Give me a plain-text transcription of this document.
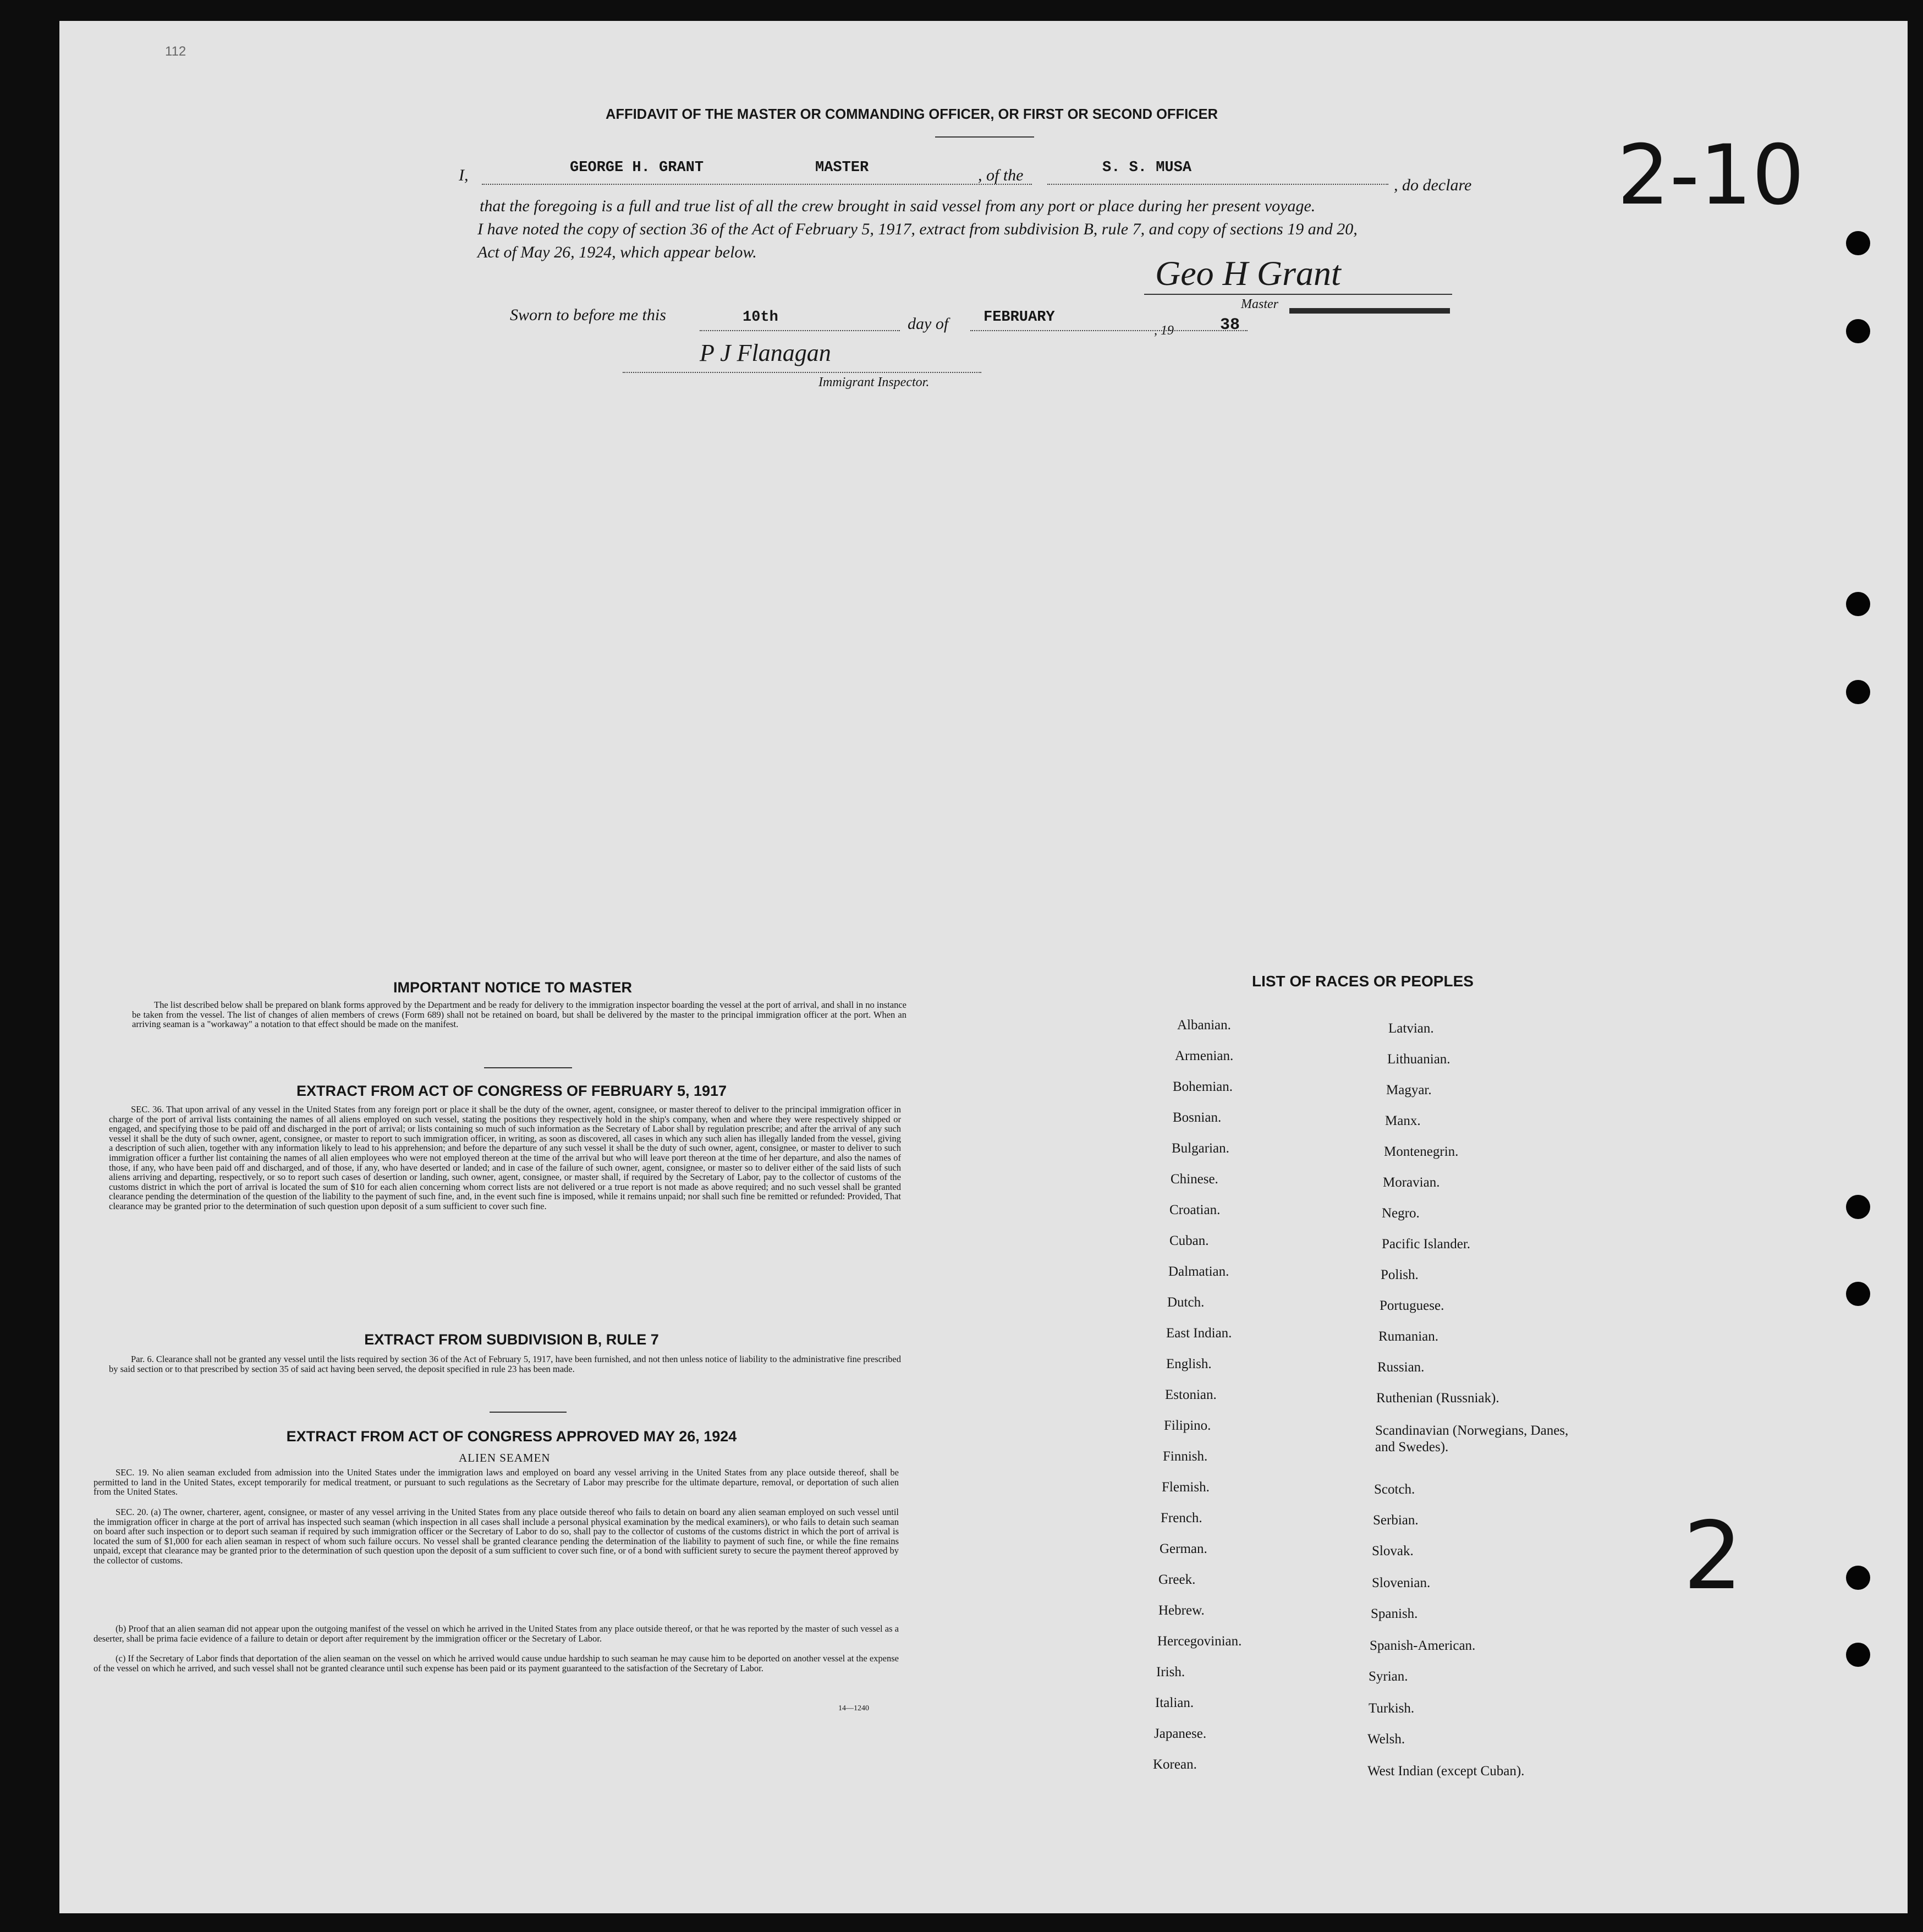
112
2-10
2
AFFIDAVIT OF THE MASTER OR COMMANDING OFFICER, OR FIRST OR SECOND OFFICER
I,	GEORGE H. GRANT	MASTER	, of the	S. S. MUSA
, do declare
that the foregoing is a full and true list of all the crew brought in said vessel from any port or place during her present voyage.
I have noted the copy of section 36 of the Act of February 5, 1917, extract from subdivision B, rule 7, and copy of sections 19 and 20,
Act of May 26, 1924, which appear below.
Geo H Grant
Master
Sworn to before me this	10th	day of FEBRUARY
, 19	38
P J Flanagan
Immigrant Inspector.
IMPORTANT NOTICE TO MASTER
The list described below shall be prepared on blank forms approved by the Department and be ready for delivery to the immigration inspector boarding the vessel at the port of arrival, and shall in no instance be taken from the vessel. The list of changes of alien members of crews (Form 689) shall not be retained on board, but shall be delivered by the master to the principal immigration officer at the port. When an arriving seaman is a "workaway" a notation to that effect should be made on the manifest.
EXTRACT FROM ACT OF CONGRESS OF FEBRUARY 5, 1917
SEC. 36. That upon arrival of any vessel in the United States from any foreign port or place it shall be the duty of the owner, agent, consignee, or master thereof to deliver to the principal immigration officer in charge of the port of arrival lists containing the names of all aliens employed on such vessel, stating the positions they respectively hold in the ship's company, when and where they were respectively shipped or engaged, and specifying those to be paid off and discharged in the port of arrival; or lists containing so much of such information as the Secretary of Labor shall by regulation prescribe; and after the arrival of any such vessel it shall be the duty of such owner, agent, consignee, or master to report to such immigration officer, in writing, as soon as discovered, all cases in which any such alien has illegally landed from the vessel, giving a description of such alien, together with any information likely to lead to his apprehension; and before the departure of any such vessel it shall be the duty of such owner, agent, consignee, or master to deliver to such immigration officer a further list containing the names of all alien employees who were not employed thereon at the time of the arrival but who will leave port thereon at the time of her departure, and also the names of those, if any, who have been paid off and discharged, and of those, if any, who have deserted or landed; and in case of the failure of such owner, agent, consignee, or master so to deliver either of the said lists of such aliens arriving and departing, respectively, or so to report such cases of desertion or landing, such owner, agent, consignee, or master shall, if required by the Secretary of Labor, pay to the collector of customs of the customs district in which the port of arrival is located the sum of $10 for each alien concerning whom correct lists are not delivered or a true report is not made as above required; and no such vessel shall be granted clearance pending the determination of the question of the liability to the payment of such fine, and, in the event such fine is imposed, while it remains unpaid; nor shall such fine be remitted or refunded: Provided, That clearance may be granted prior to the determination of such question upon deposit of a sum sufficient to cover such fine.
EXTRACT FROM SUBDIVISION B, RULE 7
Par. 6. Clearance shall not be granted any vessel until the lists required by section 36 of the Act of February 5, 1917, have been furnished, and not then unless notice of liability to the administrative fine prescribed by said section or to that prescribed by section 35 of said act having been served, the deposit specified in rule 23 has been made.
EXTRACT FROM ACT OF CONGRESS APPROVED MAY 26, 1924
ALIEN SEAMEN
SEC. 19. No alien seaman excluded from admission into the United States under the immigration laws and employed on board any vessel arriving in the United States from any place outside thereof, shall be permitted to land in the United States, except temporarily for medical treatment, or pursuant to such regulations as the Secretary of Labor may prescribe for the ultimate departure, removal, or deportation of such alien from the United States.
SEC. 20. (a) The owner, charterer, agent, consignee, or master of any vessel arriving in the United States from any place outside thereof who fails to detain on board any alien seaman employed on such vessel until the immigration officer in charge at the port of arrival has inspected such seaman (which inspection in all cases shall include a personal physical examination by the medical examiners), or who fails to detain such seaman on board after such inspection or to deport such seaman if required by such immigration officer or the Secretary of Labor to do so, shall pay to the collector of customs of the customs district in which the port of arrival is located the sum of $1,000 for each alien seaman in respect of whom such failure occurs. No vessel shall be granted clearance pending the determination of the liability to payment of such fine, or while the fine remains unpaid, except that clearance may be granted prior to the determination of such question upon the deposit of a sum sufficient to cover such fine, or of a bond with sufficient surety to secure the payment thereof approved by the collector of customs.
(b) Proof that an alien seaman did not appear upon the outgoing manifest of the vessel on which he arrived in the United States from any place outside thereof, or that he was reported by the master of such vessel as a deserter, shall be prima facie evidence of a failure to detain or deport after requirement by the immigration officer or the Secretary of Labor.
(c) If the Secretary of Labor finds that deportation of the alien seaman on the vessel on which he arrived would cause undue hardship to such seaman he may cause him to be deported on another vessel at the expense of the vessel on which he arrived, and such vessel shall not be granted clearance until such expense has been paid or its payment guaranteed to the satisfaction of the Secretary of Labor.
14—1240
LIST OF RACES OR PEOPLES
Albanian.
Armenian.
Bohemian.
Bosnian.
Bulgarian.
Chinese.
Croatian.
Cuban.
Dalmatian.
Dutch.
East Indian.
English.
Estonian.
Filipino.
Finnish.
Flemish.
French.
German.
Greek.
Hebrew.
Hercegovinian.
Irish.
Italian.
Japanese.
Korean.
Latvian.
Lithuanian.
Magyar.
Manx.
Montenegrin.
Moravian.
Negro.
Pacific Islander.
Polish.
Portuguese.
Rumanian.
Russian.
Ruthenian (Russniak).
Scandinavian (Norwegians, Danes, and Swedes).
Scotch.
Serbian.
Slovak.
Slovenian.
Spanish.
Spanish-American.
Syrian.
Turkish.
Welsh.
West Indian (except Cuban).
